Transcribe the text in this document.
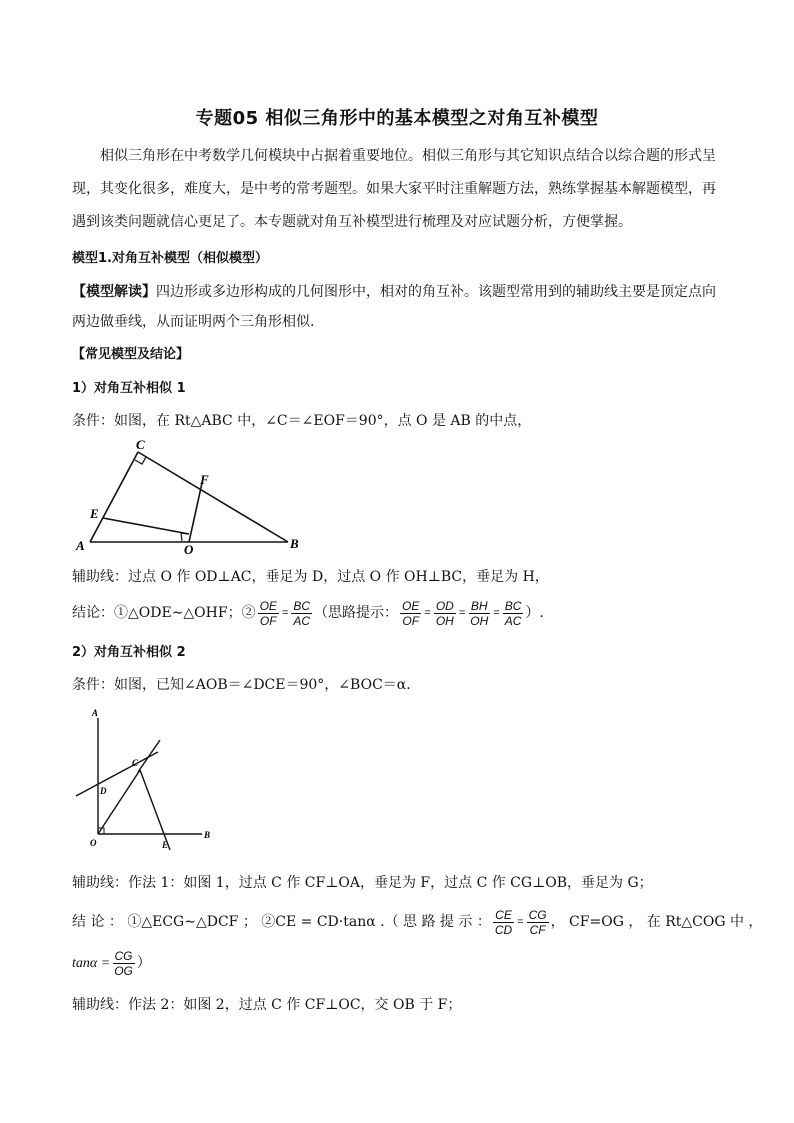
专题05 相似三角形中的基本模型之对角互补模型
相似三角形在中考数学几何模块中占据着重要地位。相似三角形与其它知识点结合以综合题的形式呈现，其变化很多，难度大，是中考的常考题型。如果大家平时注重解题方法，熟练掌握基本解题模型，再遇到该类问题就信心更足了。本专题就对角互补模型进行梳理及对应试题分析，方便掌握。
模型1.对角互补模型（相似模型）
【模型解读】四边形或多边形构成的几何图形中，相对的角互补。该题型常用到的辅助线主要是顶定点向两边做垂线，从而证明两个三角形相似.
【常见模型及结论】
1）对角互补相似 1
条件：如图，在 Rt△ABC 中，∠C＝∠EOF＝90°，点 O 是 AB 的中点，
C
F
E
A	O	B
辅助线：过点 O 作 OD⊥AC，垂足为 D，过点 O 作 OH⊥BC，垂足为 H，
结论：①△ODE∼△OHF；② $\frac{OE}{OF} = \frac{BC}{AC}$ （思路提示： $\frac{OE}{OF} = \frac{OD}{OH} = \frac{BH}{OH} = \frac{BC}{AC}$ ）.
2）对角互补相似 2
条件：如图，已知∠AOB＝∠DCE＝90°，∠BOC＝α.
A
C
D
O	E
B
辅助线：作法 1：如图 1，过点 C 作 CF⊥OA，垂足为 F，过点 C 作 CG⊥OB，垂足为 G；
结 论 ： ①△ECG∼△DCF ； ②CE = CD·tanα .（ 思 路 提 示 ： $\frac{CE}{CD} = \frac{CG}{CF}$ ， CF=OG ， 在 Rt△COG 中 ，
$\tan\alpha = \frac{CG}{OG}$ ）
辅助线：作法 2：如图 2，过点 C 作 CF⊥OC，交 OB 于 F；
